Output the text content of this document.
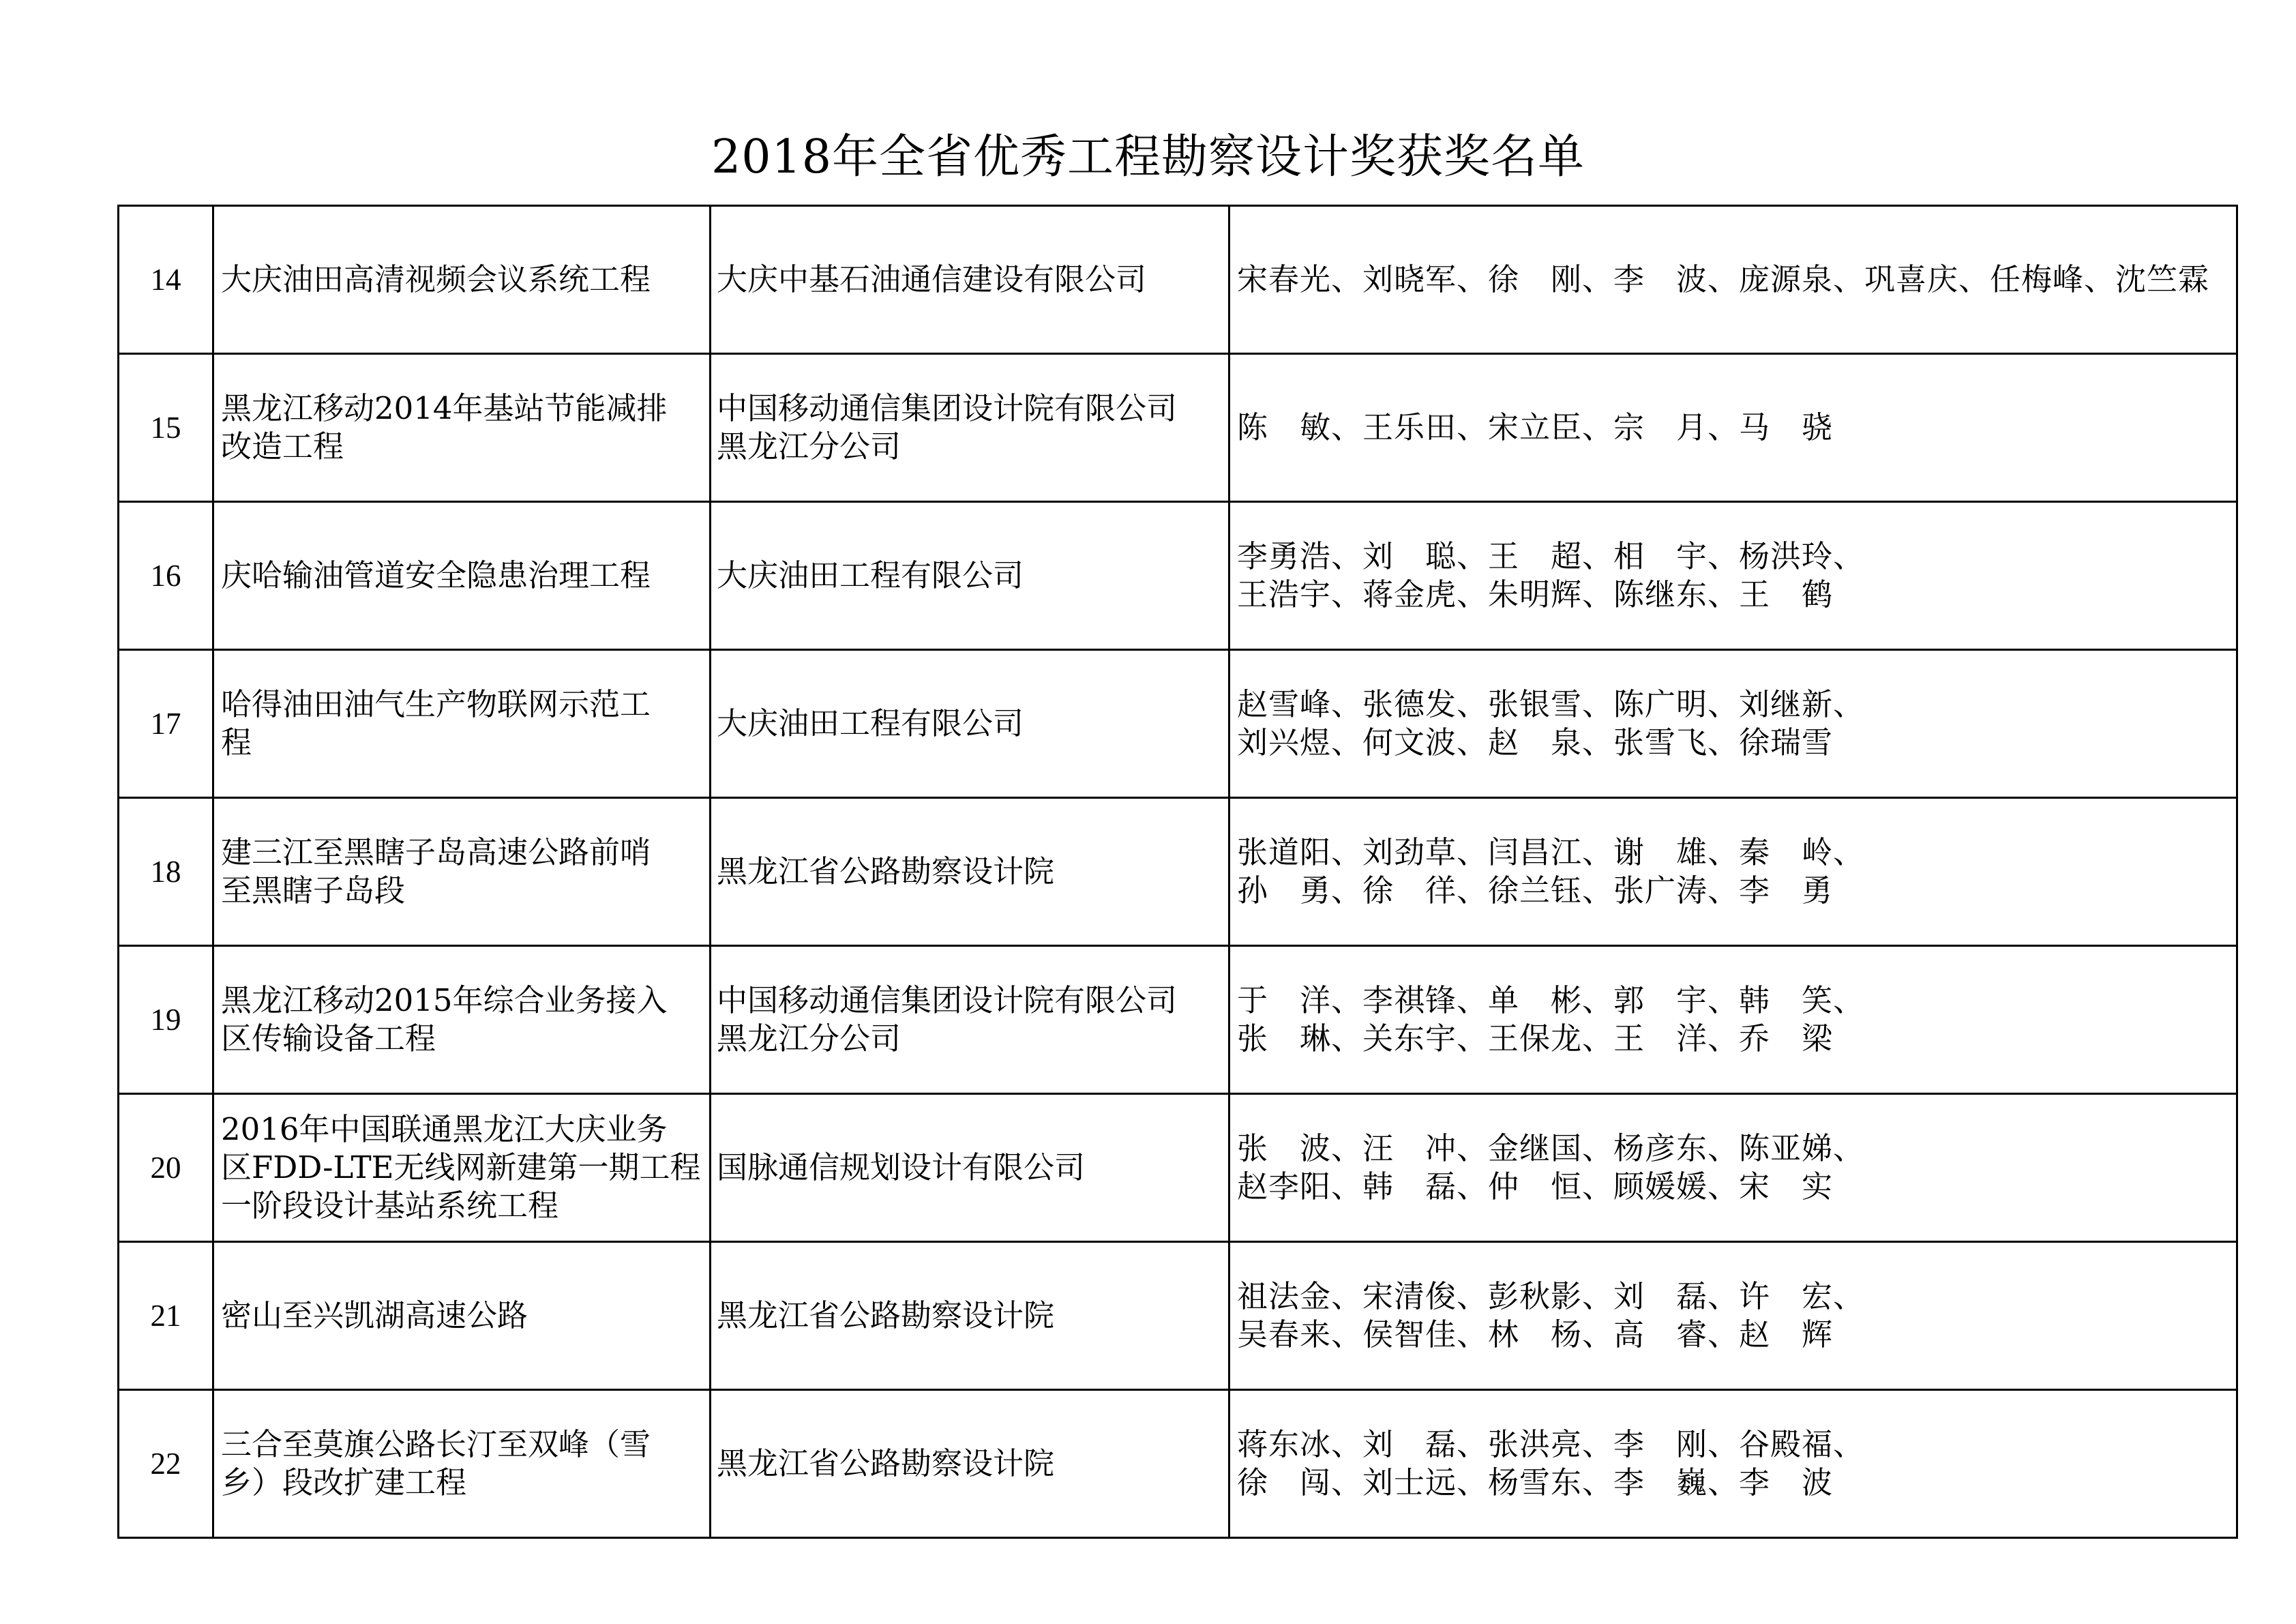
2018年全省优秀工程勘察设计奖获奖名单
14	大庆油田高清视频会议系统工程	大庆中基石油通信建设有限公司	宋春光、刘晓军、徐　刚、李　波、庞源泉、巩喜庆、任梅峰、沈竺霖

15	黑龙江移动2014年基站节能减排
改造工程	中国移动通信集团设计院有限公司
黑龙江分公司	陈　敏、王乐田、宋立臣、宗　月、马　骁

16	庆哈输油管道安全隐患治理工程	大庆油田工程有限公司	李勇浩、刘　聪、王　超、相　宇、杨洪玲、
王浩宇、蒋金虎、朱明辉、陈继东、王　鹤

17	哈得油田油气生产物联网示范工
程	大庆油田工程有限公司	赵雪峰、张德发、张银雪、陈广明、刘继新、
刘兴煜、何文波、赵　泉、张雪飞、徐瑞雪

18	建三江至黑瞎子岛高速公路前哨
至黑瞎子岛段	黑龙江省公路勘察设计院	张道阳、刘劲草、闫昌江、谢　雄、秦　岭、
孙　勇、徐　徉、徐兰钰、张广涛、李　勇

19	黑龙江移动2015年综合业务接入
区传输设备工程	中国移动通信集团设计院有限公司
黑龙江分公司	于　洋、李祺锋、单　彬、郭　宇、韩　笑、
张　琳、关东宇、王保龙、王　洋、乔　梁

20	2016年中国联通黑龙江大庆业务
区FDD-LTE无线网新建第一期工程
一阶段设计基站系统工程	国脉通信规划设计有限公司	张　波、汪　冲、金继国、杨彦东、陈亚娣、
赵李阳、韩　磊、仲　恒、顾媛媛、宋　实

21	密山至兴凯湖高速公路	黑龙江省公路勘察设计院	祖法金、宋清俊、彭秋影、刘　磊、许　宏、
吴春来、侯智佳、林　杨、高　睿、赵　辉

22	三合至莫旗公路长汀至双峰（雪
乡）段改扩建工程	黑龙江省公路勘察设计院	蒋东冰、刘　磊、张洪亮、李　刚、谷殿福、
徐　闯、刘士远、杨雪东、李　巍、李　波
